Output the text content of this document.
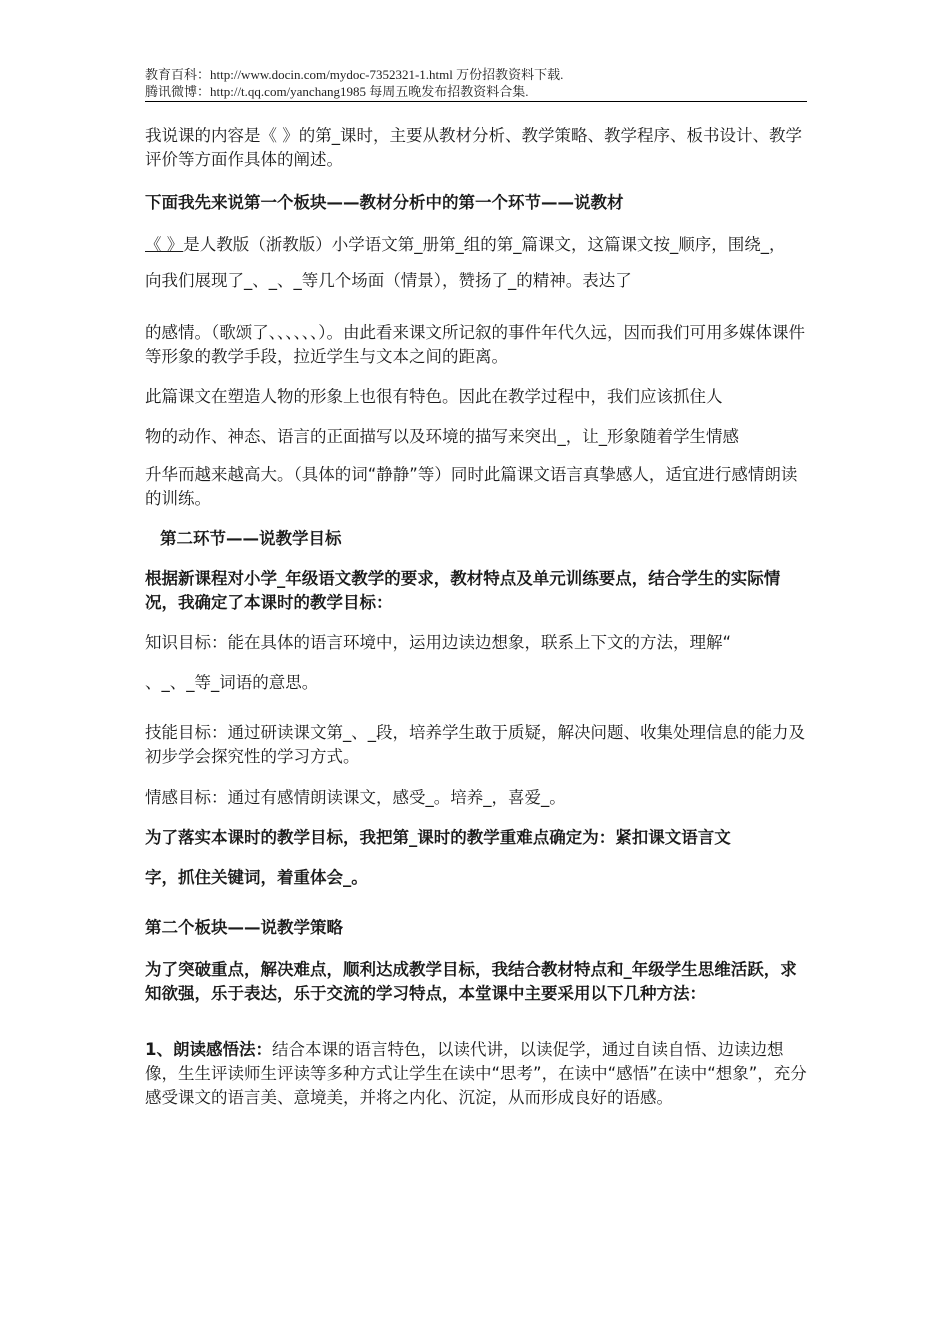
教育百科：http://www.docin.com/mydoc-7352321-1.html 万份招教资料下载.
腾讯微博：http://t.qq.com/yanchang1985 每周五晚发布招教资料合集.

我说课的内容是《 》的第_课时，主要从教材分析、教学策略、教学程序、板书设计、教学评价等方面作具体的阐述。

下面我先来说第一个板块——教材分析中的第一个环节——说教材

《 》是人教版（浙教版）小学语文第_册第_组的第_篇课文，这篇课文按_顺序，围绕_，

向我们展现了_、_、_等几个场面（情景），赞扬了_的精神。表达了

的感情。（歌颂了、、、、、、）。由此看来课文所记叙的事件年代久远，因而我们可用多媒体课件等形象的教学手段，拉近学生与文本之间的距离。

此篇课文在塑造人物的形象上也很有特色。因此在教学过程中，我们应该抓住人

物的动作、神态、语言的正面描写以及环境的描写来突出_，让_形象随着学生情感

升华而越来越高大。（具体的词“静静”等）同时此篇课文语言真挚感人，适宜进行感情朗读的训练。

第二环节——说教学目标

根据新课程对小学_年级语文教学的要求，教材特点及单元训练要点，结合学生的实际情况，我确定了本课时的教学目标：

知识目标：能在具体的语言环境中，运用边读边想象，联系上下文的方法，理解“

、_、_等_词语的意思。

技能目标：通过研读课文第_、_段，培养学生敢于质疑，解决问题、收集处理信息的能力及初步学会探究性的学习方式。

情感目标：通过有感情朗读课文，感受_。培养_，喜爱_。

为了落实本课时的教学目标，我把第_课时的教学重难点确定为：紧扣课文语言文

字，抓住关键词，着重体会_。

第二个板块——说教学策略

为了突破重点，解决难点，顺利达成教学目标，我结合教材特点和_年级学生思维活跃，求知欲强，乐于表达，乐于交流的学习特点，本堂课中主要采用以下几种方法：

1、朗读感悟法：结合本课的语言特色，以读代讲，以读促学，通过自读自悟、边读边想像，生生评读师生评读等多种方式让学生在读中“思考”，在读中“感悟”在读中“想象”，充分感受课文的语言美、意境美，并将之内化、沉淀，从而形成良好的语感。
